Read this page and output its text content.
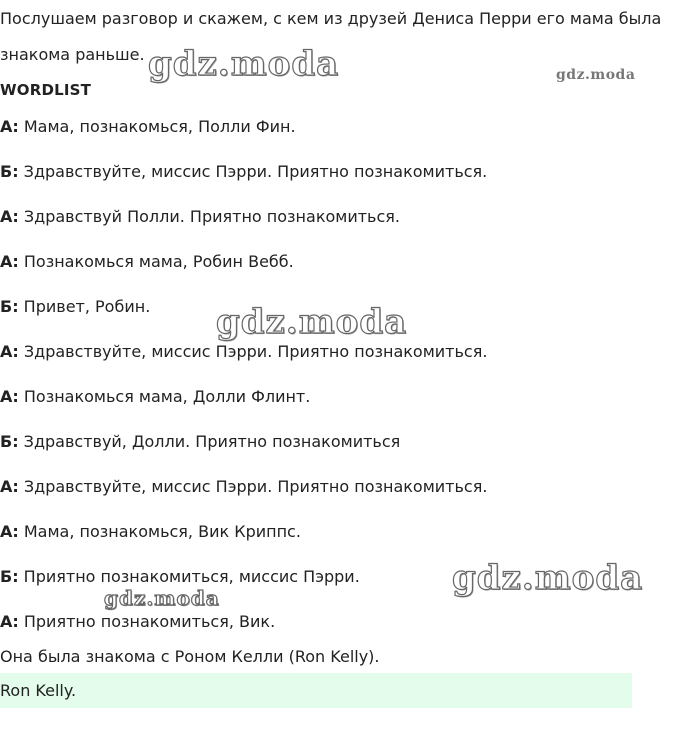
Послушаем разговор и скажем, с кем из друзей Дениса Перри его мама была
знакома раньше.
WORDLIST
А: Мама, познакомься, Полли Фин.
Б: Здравствуйте, миссис Пэрри. Приятно познакомиться.
А: Здравствуй Полли. Приятно познакомиться.
А: Познакомься мама, Робин Вебб.
Б: Привет, Робин.
А: Здравствуйте, миссис Пэрри. Приятно познакомиться.
А: Познакомься мама, Долли Флинт.
Б: Здравствуй, Долли. Приятно познакомиться
А: Здравствуйте, миссис Пэрри. Приятно познакомиться.
А: Мама, познакомься, Вик Криппс.
Б: Приятно познакомиться, миссис Пэрри.
А: Приятно познакомиться, Вик.
Она была знакома с Роном Келли (Ron Kelly).
Ron Kelly.
gdz.moda	gdz.moda
gdz.moda
gdz.moda
gdz.moda
